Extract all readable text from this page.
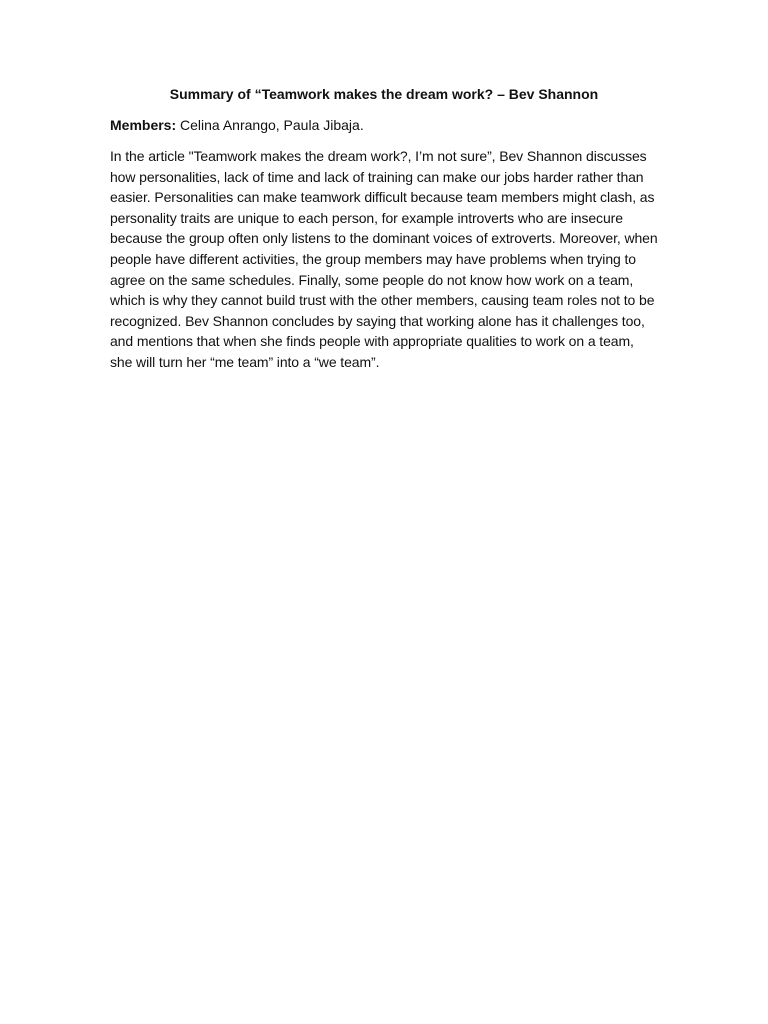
Summary of “Teamwork makes the dream work? – Bev Shannon

Members: Celina Anrango, Paula Jibaja.

In the article "Teamwork makes the dream work?, I’m not sure”, Bev Shannon discusses how personalities, lack of time and lack of training can make our jobs harder rather than easier. Personalities can make teamwork difficult because team members might clash, as personality traits are unique to each person, for example introverts who are insecure because the group often only listens to the dominant voices of extroverts. Moreover, when people have different activities, the group members may have problems when trying to agree on the same schedules. Finally, some people do not know how work on a team, which is why they cannot build trust with the other members, causing team roles not to be recognized. Bev Shannon concludes by saying that working alone has it challenges too, and mentions that when she finds people with appropriate qualities to work on a team, she will turn her “me team” into a “we team”.
